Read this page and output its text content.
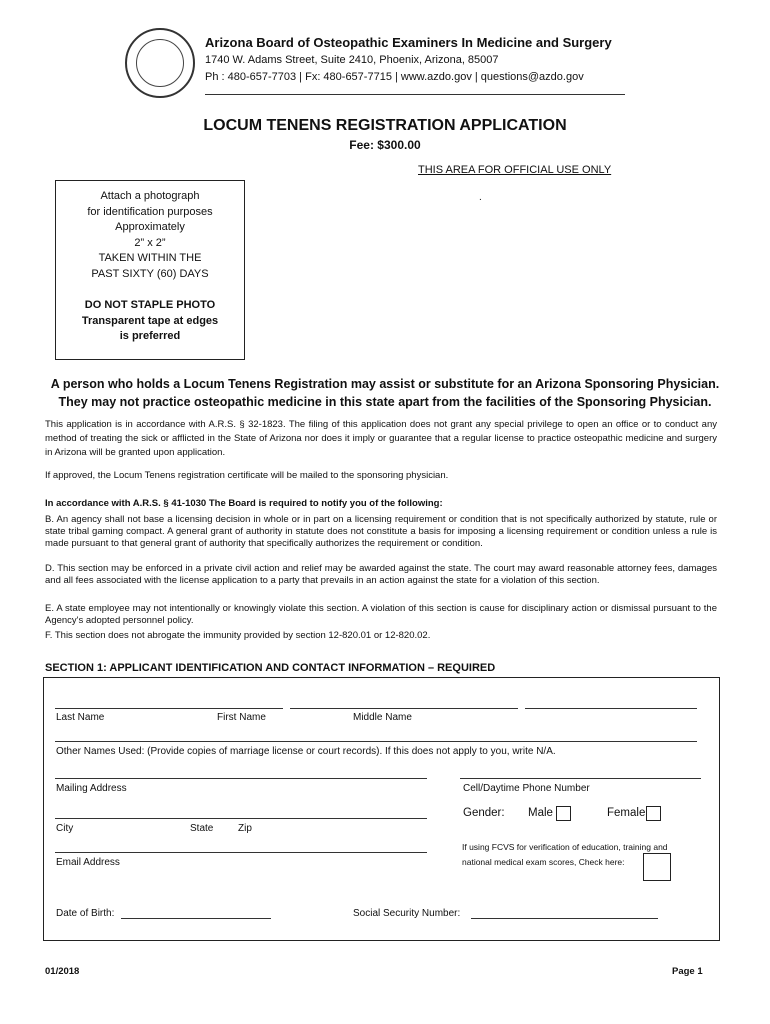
Arizona Board of Osteopathic Examiners In Medicine and Surgery
1740 W. Adams Street, Suite 2410, Phoenix, Arizona, 85007
Ph : 480-657-7703 | Fx: 480-657-7715 | www.azdo.gov | questions@azdo.gov
LOCUM TENENS REGISTRATION APPLICATION
Fee: $300.00
THIS AREA FOR OFFICIAL USE ONLY
.
Attach a photograph
for identification purposes
Approximately
2” x 2”
TAKEN WITHIN THE
PAST SIXTY (60) DAYS
DO NOT STAPLE PHOTO
Transparent tape at edges
is preferred
A person who holds a Locum Tenens Registration may assist or substitute for an Arizona Sponsoring Physician.
They may not practice osteopathic medicine in this state apart from the facilities of the Sponsoring Physician.
This application is in accordance with A.R.S. § 32-1823. The filing of this application does not grant any special privilege to open an office or to conduct any method of treating the sick or afflicted in the State of Arizona nor does it imply or guarantee that a regular license to practice osteopathic medicine and surgery in Arizona will be granted upon application.
If approved, the Locum Tenens registration certificate will be mailed to the sponsoring physician.
In accordance with A.R.S. § 41-1030 The Board is required to notify you of the following:
B. An agency shall not base a licensing decision in whole or in part on a licensing requirement or condition that is not specifically authorized by statute, rule or state tribal gaming compact. A general grant of authority in statute does not constitute a basis for imposing a licensing requirement or condition unless a rule is made pursuant to that general grant of authority that specifically authorizes the requirement or condition.
D. This section may be enforced in a private civil action and relief may be awarded against the state. The court may award reasonable attorney fees, damages and all fees associated with the license application to a party that prevails in an action against the state for a violation of this section.
E. A state employee may not intentionally or knowingly violate this section. A violation of this section is cause for disciplinary action or dismissal pursuant to the Agency's adopted personnel policy.
F. This section does not abrogate the immunity provided by section 12-820.01 or 12-820.02.
SECTION 1: APPLICANT IDENTIFICATION AND CONTACT INFORMATION – REQUIRED
Last Name	First Name	Middle Name
Other Names Used: (Provide copies of marriage license or court records). If this does not apply to you, write N/A.
Mailing Address	Cell/Daytime Phone Number
Gender: Male	Female
City	State Zip
If using FCVS for verification of education, training and
national medical exam scores, Check here:
Email Address
Date of Birth:	Social Security Number:
01/2018	Page 1
